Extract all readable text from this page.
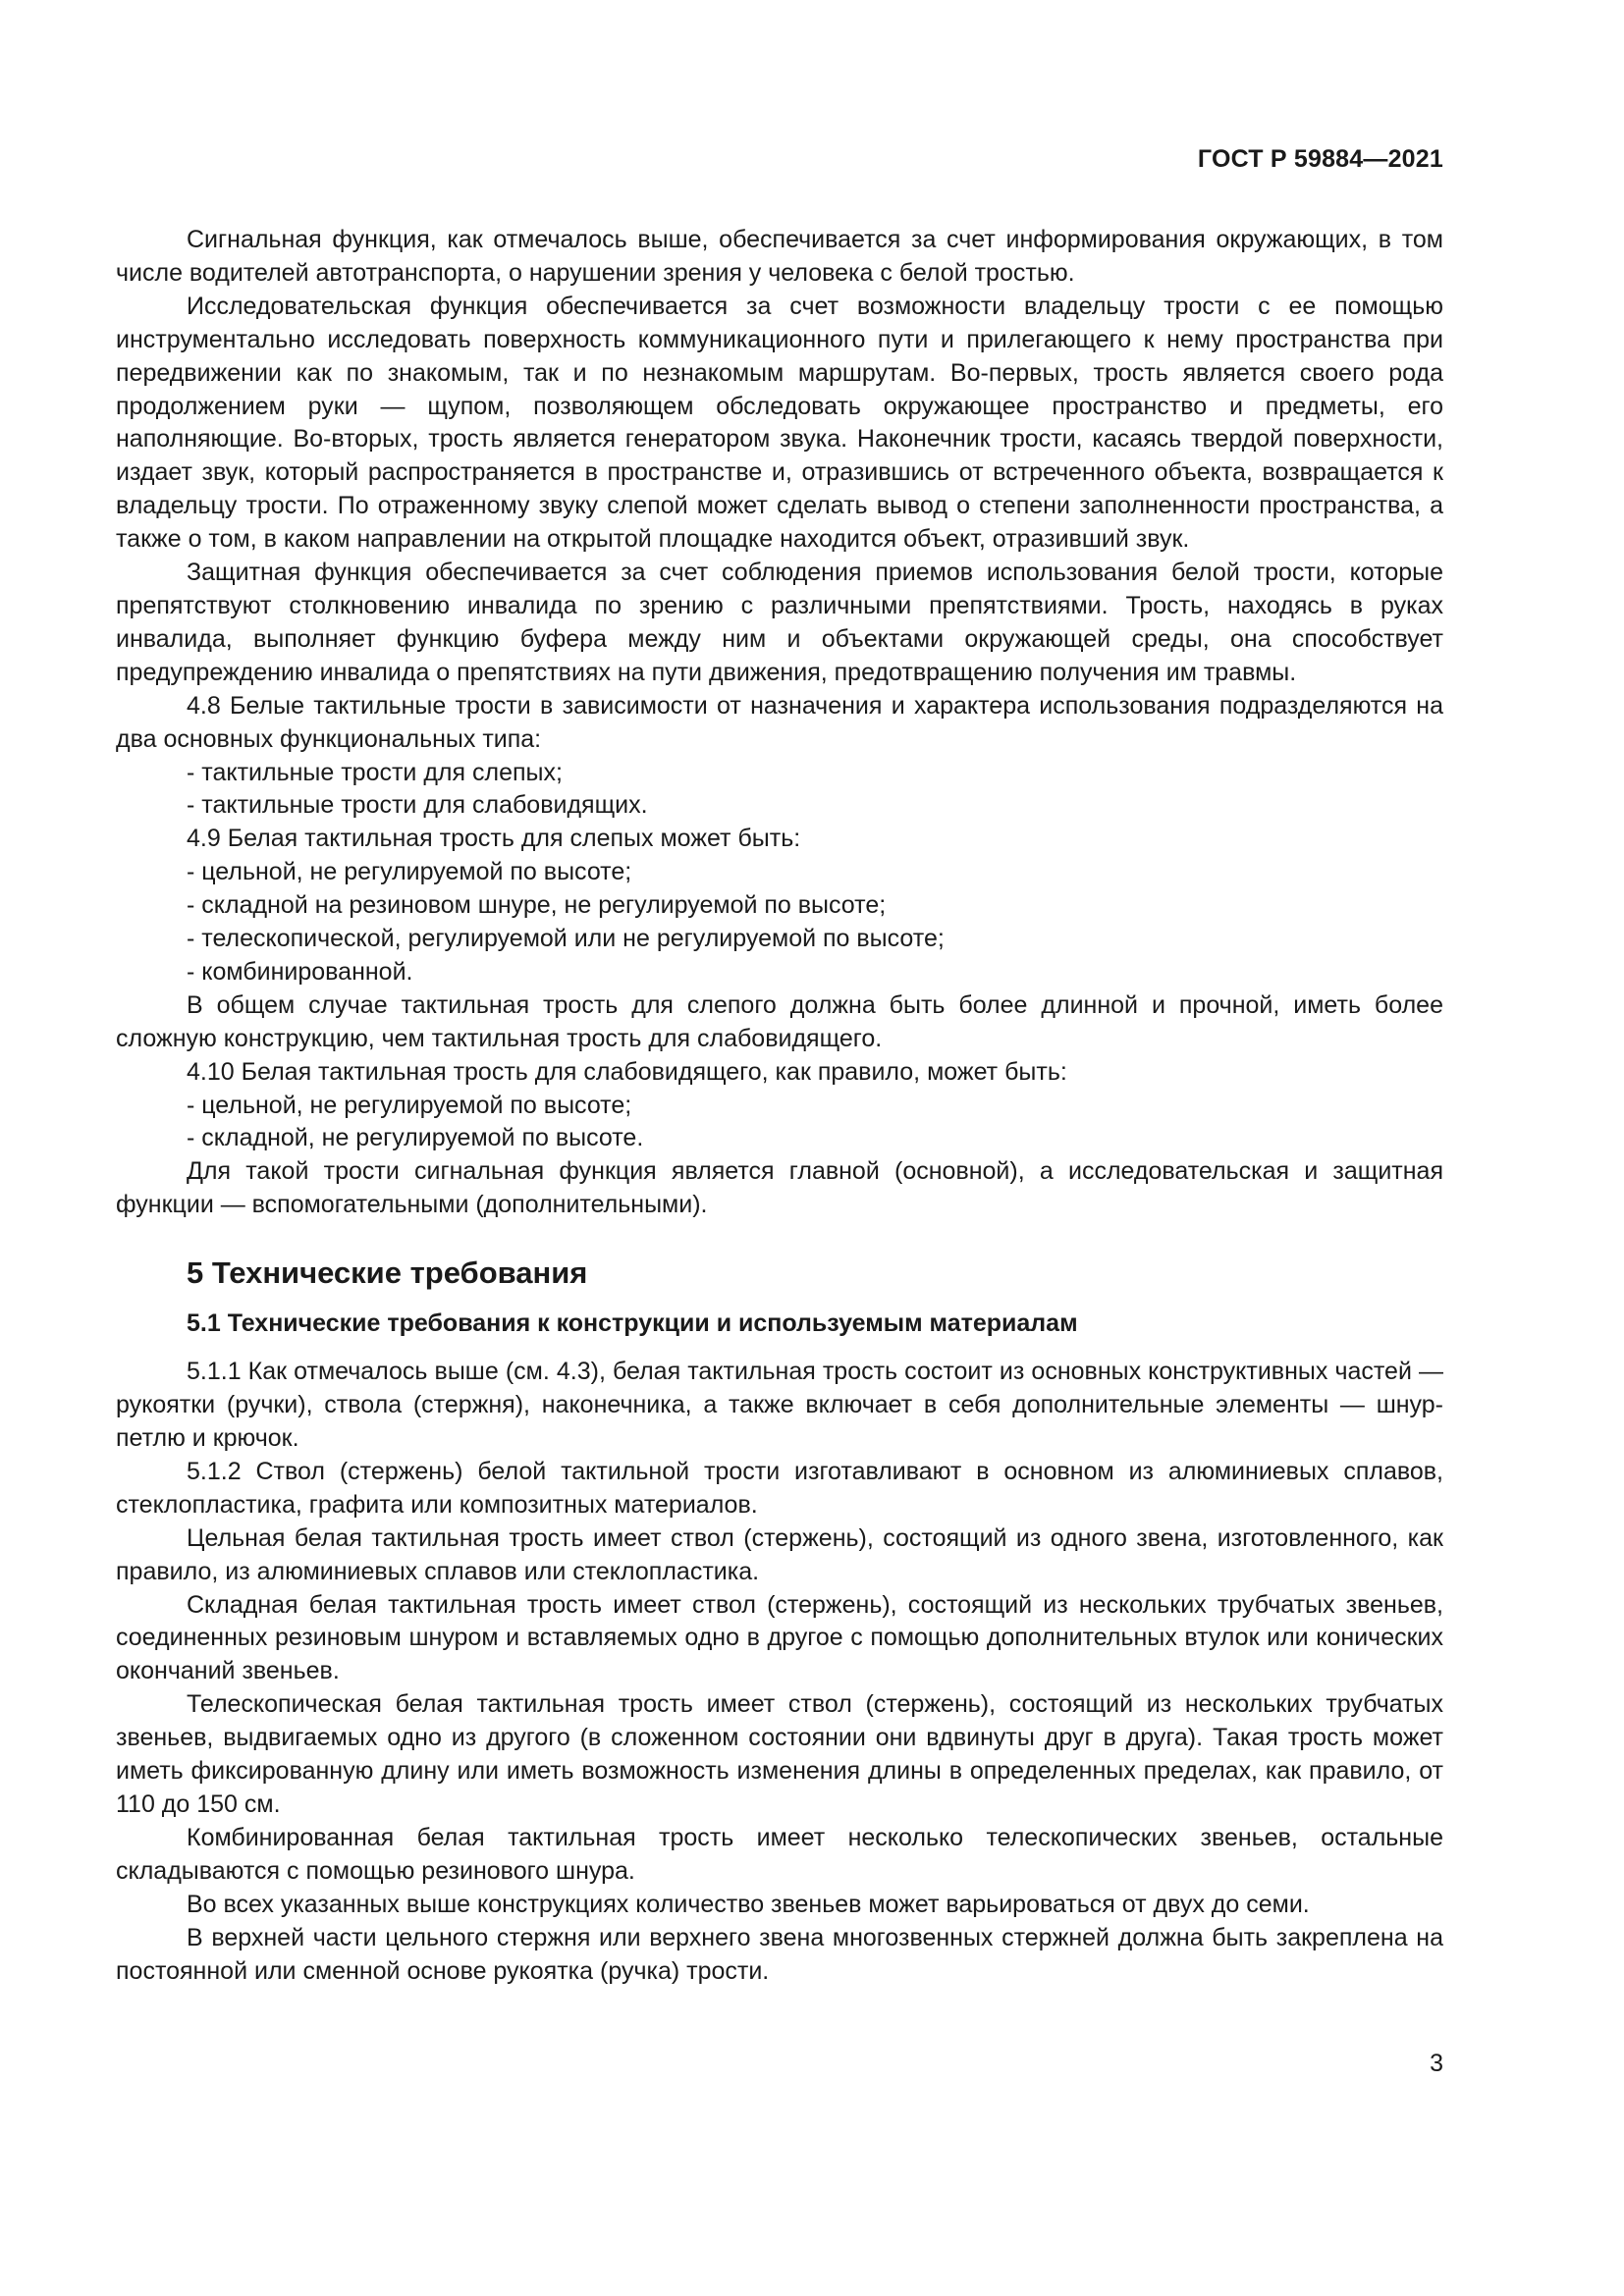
ГОСТ Р 59884—2021

Сигнальная функция, как отмечалось выше, обеспечивается за счет информирования окружающих, в том числе водителей автотранспорта, о нарушении зрения у человека с белой тростью.

Исследовательская функция обеспечивается за счет возможности владельцу трости с ее помощью инструментально исследовать поверхность коммуникационного пути и прилегающего к нему пространства при передвижении как по знакомым, так и по незнакомым маршрутам. Во-первых, трость является своего рода продолжением руки — щупом, позволяющем обследовать окружающее пространство и предметы, его наполняющие. Во-вторых, трость является генератором звука. Наконечник трости, касаясь твердой поверхности, издает звук, который распространяется в пространстве и, отразившись от встреченного объекта, возвращается к владельцу трости. По отраженному звуку слепой может сделать вывод о степени заполненности пространства, а также о том, в каком направлении на открытой площадке находится объект, отразивший звук.

Защитная функция обеспечивается за счет соблюдения приемов использования белой трости, которые препятствуют столкновению инвалида по зрению с различными препятствиями. Трость, находясь в руках инвалида, выполняет функцию буфера между ним и объектами окружающей среды, она способствует предупреждению инвалида о препятствиях на пути движения, предотвращению получения им травмы.

4.8 Белые тактильные трости в зависимости от назначения и характера использования подразделяются на два основных функциональных типа:

- тактильные трости для слепых;

- тактильные трости для слабовидящих.

4.9 Белая тактильная трость для слепых может быть:

- цельной, не регулируемой по высоте;

- складной на резиновом шнуре, не регулируемой по высоте;

- телескопической, регулируемой или не регулируемой по высоте;

- комбинированной.

В общем случае тактильная трость для слепого должна быть более длинной и прочной, иметь более сложную конструкцию, чем тактильная трость для слабовидящего.

4.10 Белая тактильная трость для слабовидящего, как правило, может быть:

- цельной, не регулируемой по высоте;

- складной, не регулируемой по высоте.

Для такой трости сигнальная функция является главной (основной), а исследовательская и защитная функции — вспомогательными (дополнительными).

5 Технические требования
5.1 Технические требования к конструкции и используемым материалам

5.1.1 Как отмечалось выше (см. 4.3), белая тактильная трость состоит из основных конструктивных частей — рукоятки (ручки), ствола (стержня), наконечника, а также включает в себя дополнительные элементы — шнур-петлю и крючок.

5.1.2 Ствол (стержень) белой тактильной трости изготавливают в основном из алюминиевых сплавов, стеклопластика, графита или композитных материалов.

Цельная белая тактильная трость имеет ствол (стержень), состоящий из одного звена, изготовленного, как правило, из алюминиевых сплавов или стеклопластика.

Складная белая тактильная трость имеет ствол (стержень), состоящий из нескольких трубчатых звеньев, соединенных резиновым шнуром и вставляемых одно в другое с помощью дополнительных втулок или конических окончаний звеньев.

Телескопическая белая тактильная трость имеет ствол (стержень), состоящий из нескольких трубчатых звеньев, выдвигаемых одно из другого (в сложенном состоянии они вдвинуты друг в друга). Такая трость может иметь фиксированную длину или иметь возможность изменения длины в определенных пределах, как правило, от 110 до 150 см.

Комбинированная белая тактильная трость имеет несколько телескопических звеньев, остальные складываются с помощью резинового шнура.

Во всех указанных выше конструкциях количество звеньев может варьироваться от двух до семи.

В верхней части цельного стержня или верхнего звена многозвенных стержней должна быть закреплена на постоянной или сменной основе рукоятка (ручка) трости.

3
